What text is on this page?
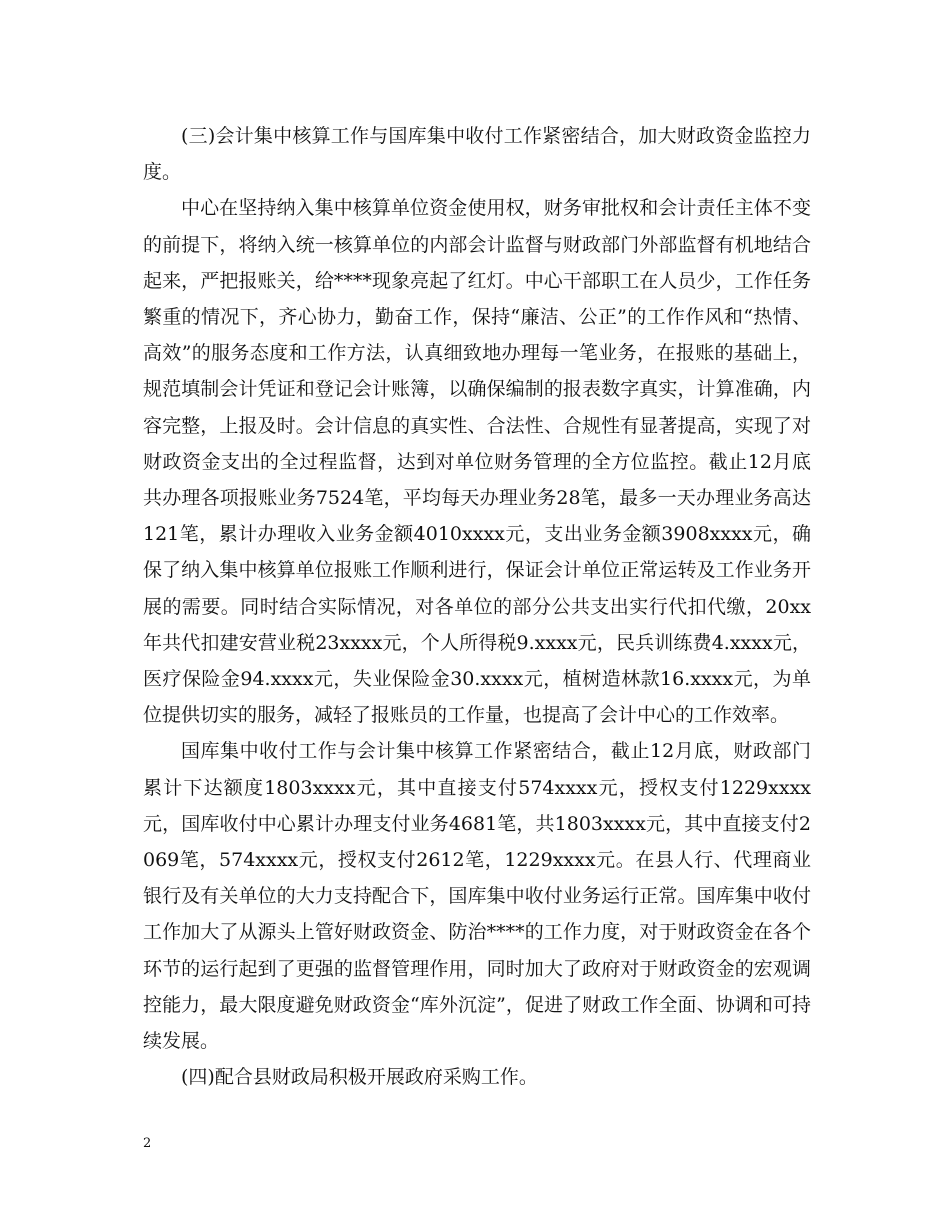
(三)会计集中核算工作与国库集中收付工作紧密结合，加大财政资金监控力度。

中心在坚持纳入集中核算单位资金使用权，财务审批权和会计责任主体不变的前提下，将纳入统一核算单位的内部会计监督与财政部门外部监督有机地结合起来，严把报账关，给****现象亮起了红灯。中心干部职工在人员少，工作任务繁重的情况下，齐心协力，勤奋工作，保持“廉洁、公正”的工作作风和“热情、高效”的服务态度和工作方法，认真细致地办理每一笔业务，在报账的基础上，规范填制会计凭证和登记会计账簿，以确保编制的报表数字真实，计算准确，内容完整，上报及时。会计信息的真实性、合法性、合规性有显著提高，实现了对财政资金支出的全过程监督，达到对单位财务管理的全方位监控。截止12月底共办理各项报账业务7524笔，平均每天办理业务28笔，最多一天办理业务高达121笔，累计办理收入业务金额4010xxxx元，支出业务金额3908xxxx元，确保了纳入集中核算单位报账工作顺利进行，保证会计单位正常运转及工作业务开展的需要。同时结合实际情况，对各单位的部分公共支出实行代扣代缴，20xx年共代扣建安营业税23xxxx元，个人所得税9.xxxx元，民兵训练费4.xxxx元，医疗保险金94.xxxx元，失业保险金30.xxxx元，植树造林款16.xxxx元，为单位提供切实的服务，减轻了报账员的工作量，也提高了会计中心的工作效率。

国库集中收付工作与会计集中核算工作紧密结合，截止12月底，财政部门累计下达额度1803xxxx元，其中直接支付574xxxx元，授权支付1229xxxx元，国库收付中心累计办理支付业务4681笔，共1803xxxx元，其中直接支付2069笔，574xxxx元，授权支付2612笔，1229xxxx元。在县人行、代理商业银行及有关单位的大力支持配合下，国库集中收付业务运行正常。国库集中收付工作加大了从源头上管好财政资金、防治****的工作力度，对于财政资金在各个环节的运行起到了更强的监督管理作用，同时加大了政府对于财政资金的宏观调控能力，最大限度避免财政资金“库外沉淀”，促进了财政工作全面、协调和可持续发展。

(四)配合县财政局积极开展政府采购工作。

2
